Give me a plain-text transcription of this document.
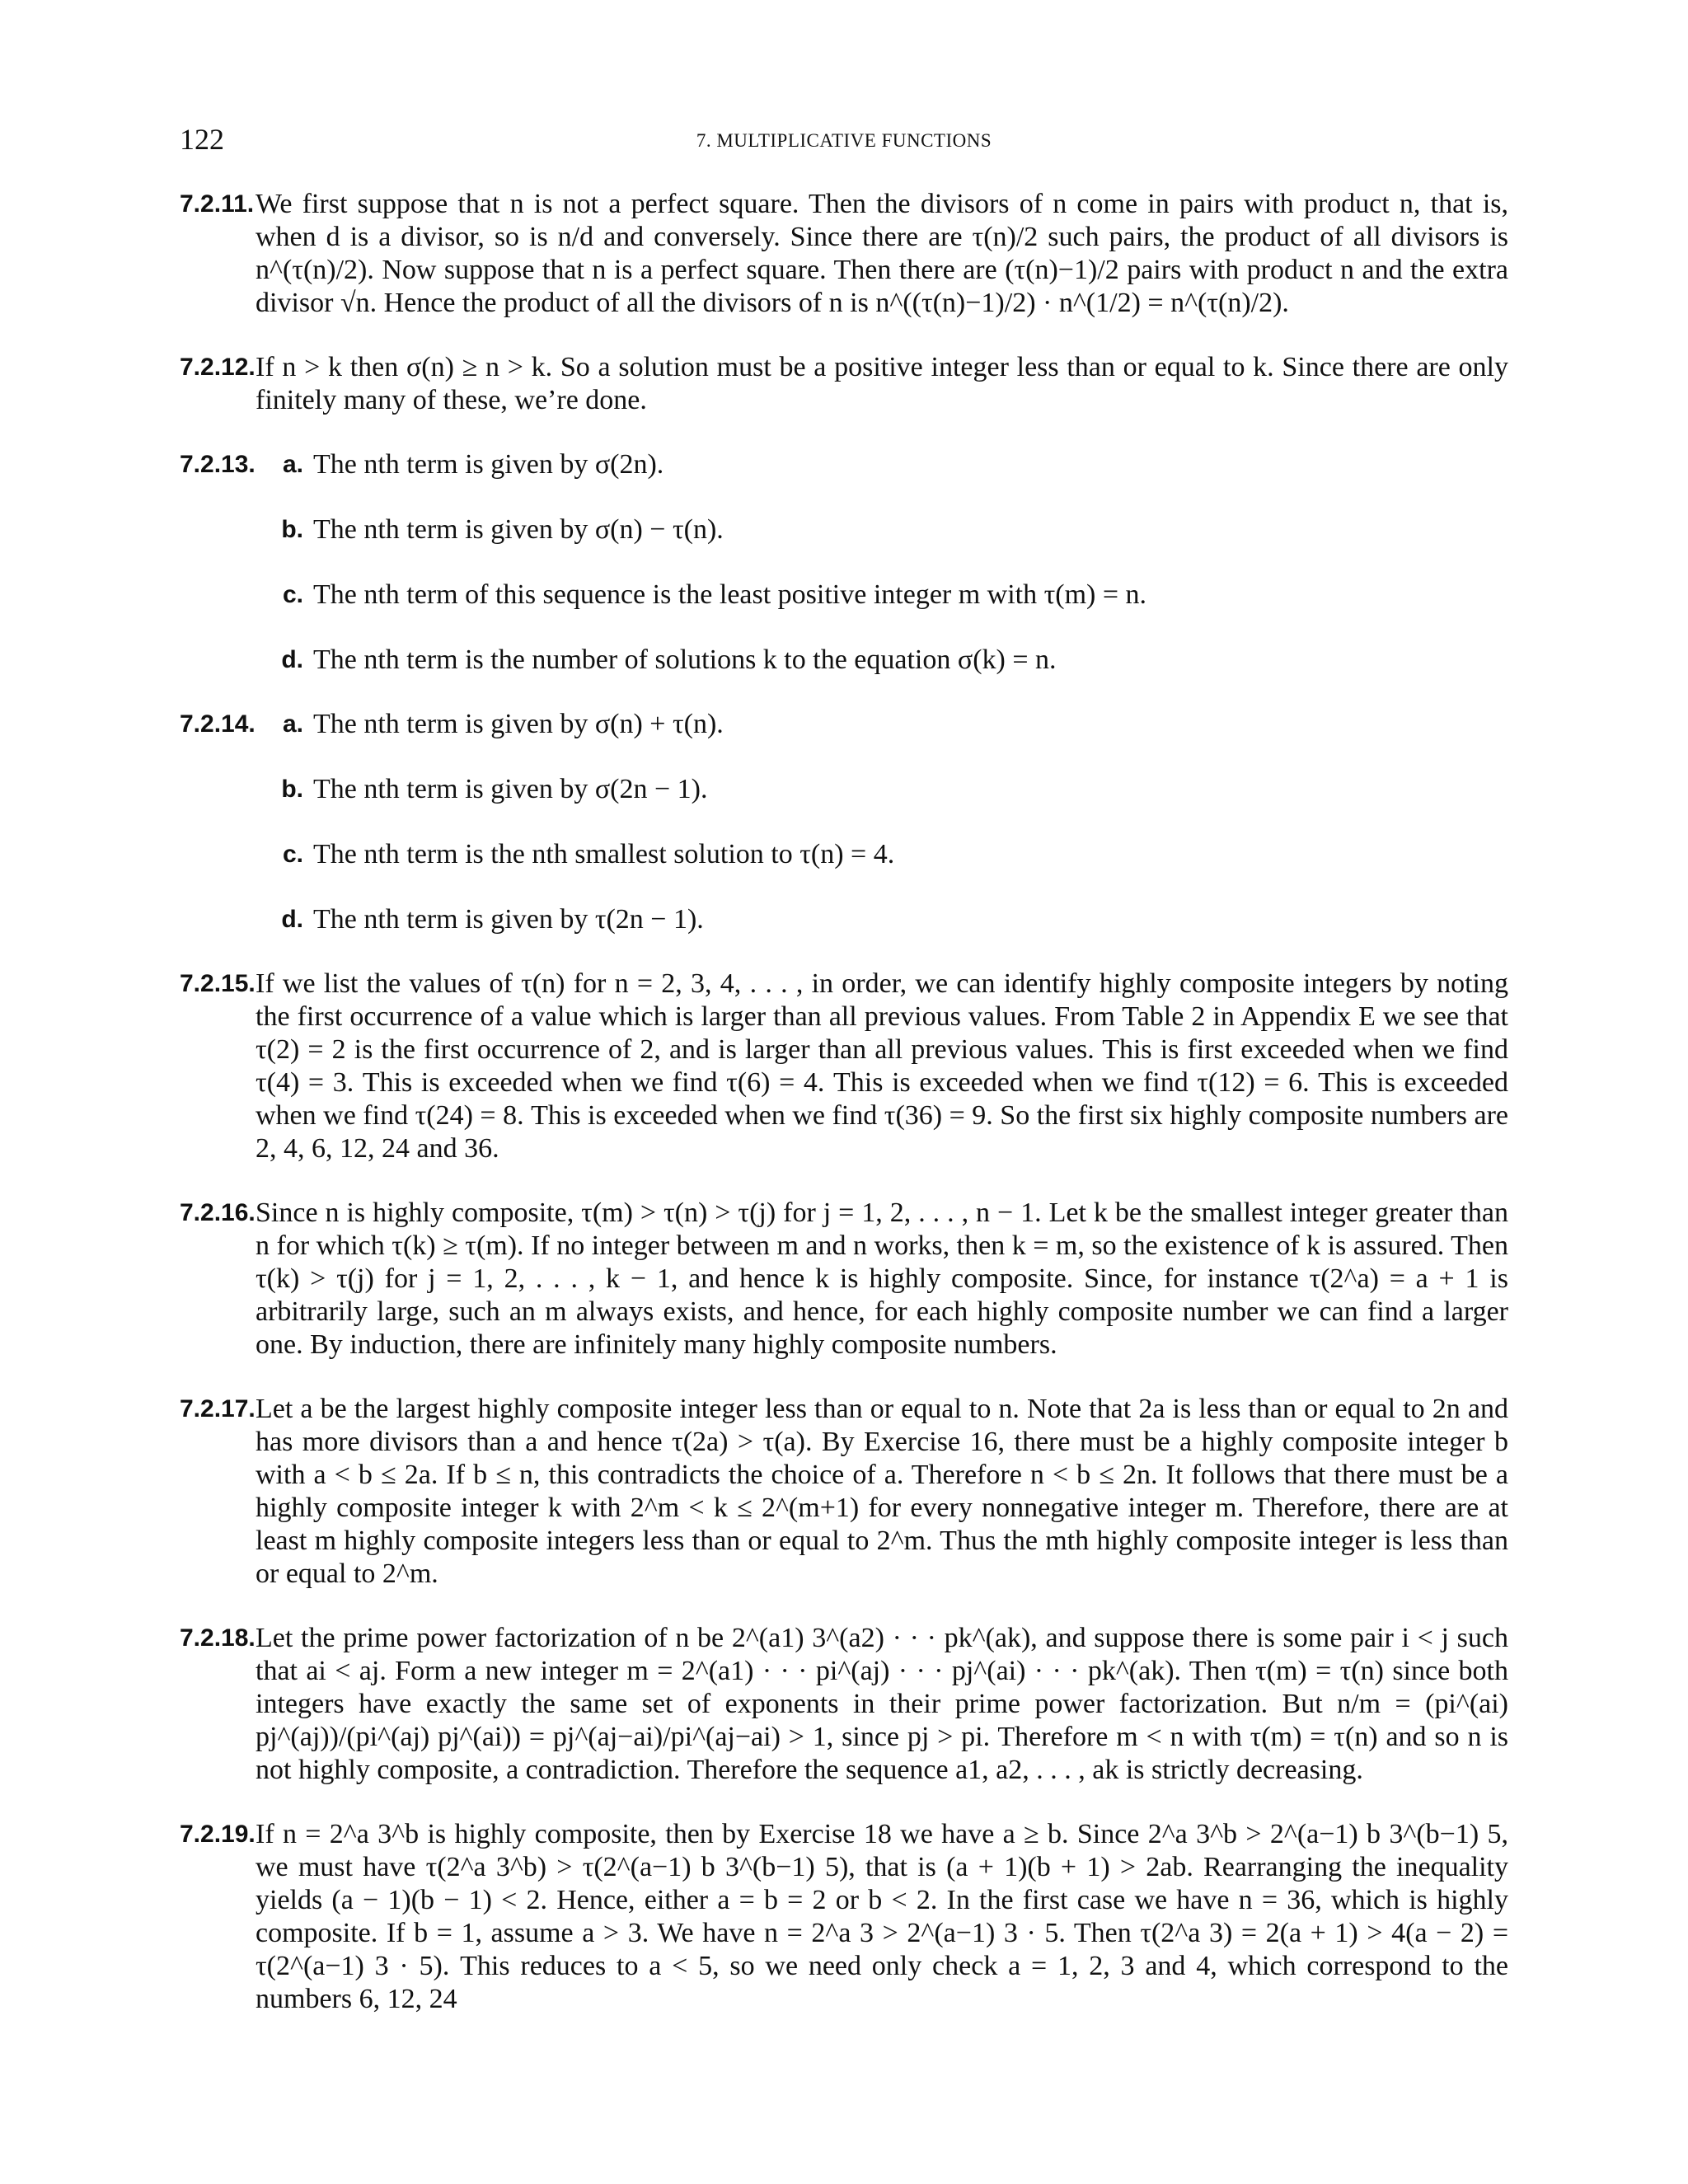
122	7. MULTIPLICATIVE FUNCTIONS
7.2.11. We first suppose that n is not a perfect square. Then the divisors of n come in pairs with product n, that is, when d is a divisor, so is n/d and conversely. Since there are τ(n)/2 such pairs, the product of all divisors is n^(τ(n)/2). Now suppose that n is a perfect square. Then there are (τ(n)−1)/2 pairs with product n and the extra divisor √n. Hence the product of all the divisors of n is n^((τ(n)−1)/2) · n^(1/2) = n^(τ(n)/2).
7.2.12. If n > k then σ(n) ≥ n > k. So a solution must be a positive integer less than or equal to k. Since there are only finitely many of these, we’re done.
7.2.13.	a. The nth term is given by σ(2n).
b. The nth term is given by σ(n) − τ(n).
c. The nth term of this sequence is the least positive integer m with τ(m) = n.
d. The nth term is the number of solutions k to the equation σ(k) = n.
7.2.14.	a. The nth term is given by σ(n) + τ(n).
b. The nth term is given by σ(2n − 1).
c. The nth term is the nth smallest solution to τ(n) = 4.
d. The nth term is given by τ(2n − 1).
7.2.15. If we list the values of τ(n) for n = 2, 3, 4, . . . , in order, we can identify highly composite integers by noting the first occurrence of a value which is larger than all previous values. From Table 2 in Appendix E we see that τ(2) = 2 is the first occurrence of 2, and is larger than all previous values. This is first exceeded when we find τ(4) = 3. This is exceeded when we find τ(6) = 4. This is exceeded when we find τ(12) = 6. This is exceeded when we find τ(24) = 8. This is exceeded when we find τ(36) = 9. So the first six highly composite numbers are 2, 4, 6, 12, 24 and 36.
7.2.16. Since n is highly composite, τ(m) > τ(n) > τ(j) for j = 1, 2, . . . , n − 1. Let k be the smallest integer greater than n for which τ(k) ≥ τ(m). If no integer between m and n works, then k = m, so the existence of k is assured. Then τ(k) > τ(j) for j = 1, 2, . . . , k − 1, and hence k is highly composite. Since, for instance τ(2^a) = a + 1 is arbitrarily large, such an m always exists, and hence, for each highly composite number we can find a larger one. By induction, there are infinitely many highly composite numbers.
7.2.17. Let a be the largest highly composite integer less than or equal to n. Note that 2a is less than or equal to 2n and has more divisors than a and hence τ(2a) > τ(a). By Exercise 16, there must be a highly composite integer b with a < b ≤ 2a. If b ≤ n, this contradicts the choice of a. Therefore n < b ≤ 2n. It follows that there must be a highly composite integer k with 2^m < k ≤ 2^(m+1) for every nonnegative integer m. Therefore, there are at least m highly composite integers less than or equal to 2^m. Thus the mth highly composite integer is less than or equal to 2^m.
7.2.18. Let the prime power factorization of n be 2^(a1) 3^(a2) · · · pk^(ak), and suppose there is some pair i < j such that ai < aj. Form a new integer m = 2^(a1) · · · pi^(aj) · · · pj^(ai) · · · pk^(ak). Then τ(m) = τ(n) since both integers have exactly the same set of exponents in their prime power factorization. But n/m = (pi^(ai) pj^(aj))/(pi^(aj) pj^(ai)) = pj^(aj−ai)/pi^(aj−ai) > 1, since pj > pi. Therefore m < n with τ(m) = τ(n) and so n is not highly composite, a contradiction. Therefore the sequence a1, a2, . . . , ak is strictly decreasing.
7.2.19. If n = 2^a 3^b is highly composite, then by Exercise 18 we have a ≥ b. Since 2^a 3^b > 2^(a−1) b 3^(b−1) 5, we must have τ(2^a 3^b) > τ(2^(a−1) b 3^(b−1) 5), that is (a + 1)(b + 1) > 2ab. Rearranging the inequality yields (a − 1)(b − 1) < 2. Hence, either a = b = 2 or b < 2. In the first case we have n = 36, which is highly composite. If b = 1, assume a > 3. We have n = 2^a 3 > 2^(a−1) 3 · 5. Then τ(2^a 3) = 2(a + 1) > 4(a − 2) = τ(2^(a−1) 3 · 5). This reduces to a < 5, so we need only check a = 1, 2, 3 and 4, which correspond to the numbers 6, 12, 24
